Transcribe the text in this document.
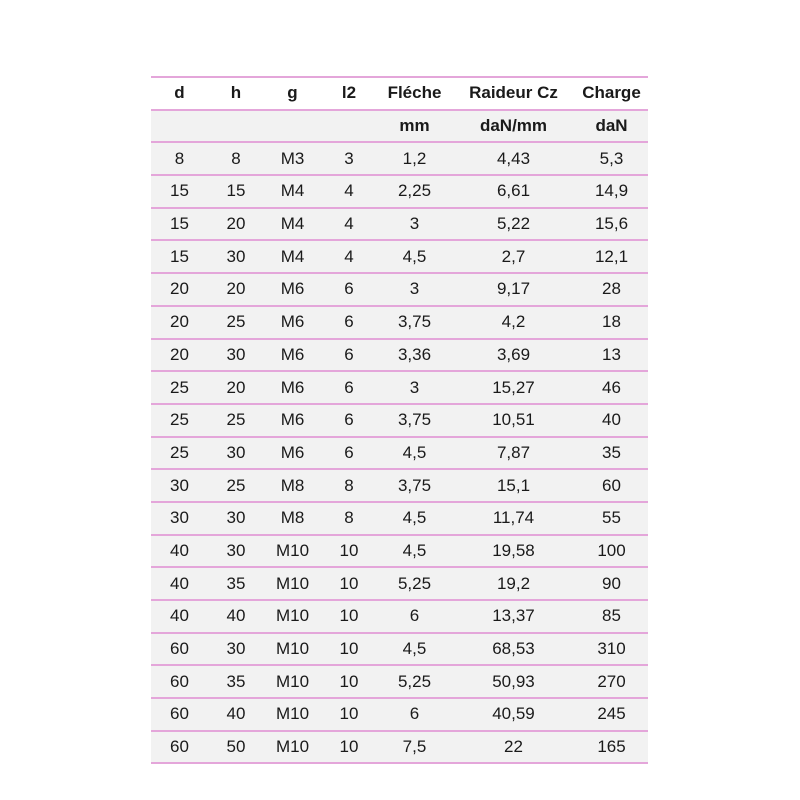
d	h	g	l2	Fléche	Raideur Cz	Charge
				mm	daN/mm	daN
8	8	M3	3	1,2	4,43	5,3
15	15	M4	4	2,25	6,61	14,9
15	20	M4	4	3	5,22	15,6
15	30	M4	4	4,5	2,7	12,1
20	20	M6	6	3	9,17	28
20	25	M6	6	3,75	4,2	18
20	30	M6	6	3,36	3,69	13
25	20	M6	6	3	15,27	46
25	25	M6	6	3,75	10,51	40
25	30	M6	6	4,5	7,87	35
30	25	M8	8	3,75	15,1	60
30	30	M8	8	4,5	11,74	55
40	30	M10	10	4,5	19,58	100
40	35	M10	10	5,25	19,2	90
40	40	M10	10	6	13,37	85
60	30	M10	10	4,5	68,53	310
60	35	M10	10	5,25	50,93	270
60	40	M10	10	6	40,59	245
60	50	M10	10	7,5	22	165
